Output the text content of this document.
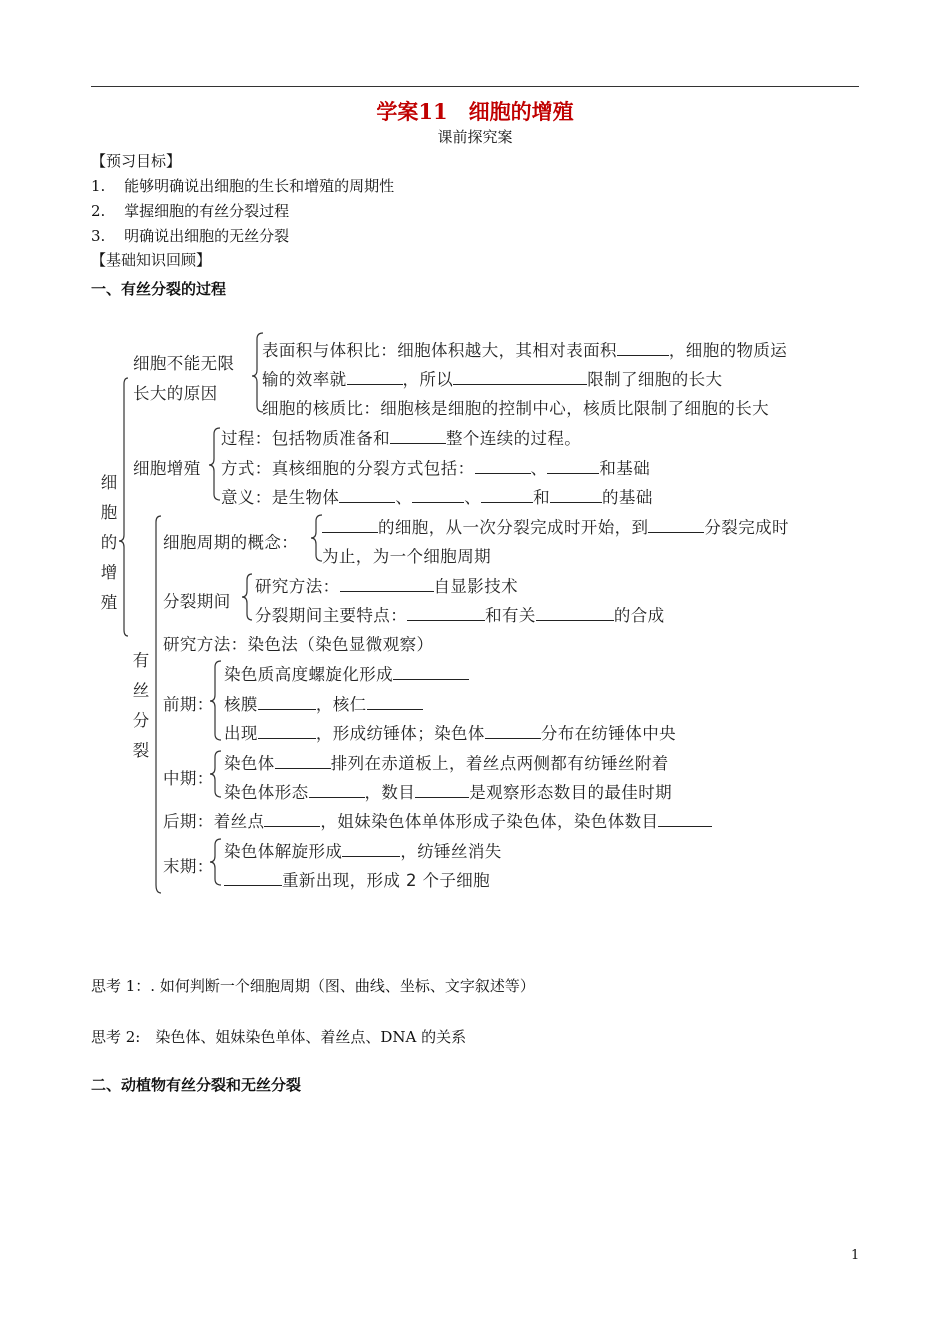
学案11　细胞的增殖
课前探究案
【预习目标】
1. 能够明确说出细胞的生长和增殖的周期性
2. 掌握细胞的有丝分裂过程
3. 明确说出细胞的无丝分裂
【基础知识回顾】
一、有丝分裂的过程
细
胞
的
增
殖
有
丝
分
裂
细胞不能无限
长大的原因
表面积与体积比：细胞体积越大，其相对表面积	，细胞的物质运
输的效率就	，所以	限制了细胞的长大
细胞的核质比：细胞核是细胞的控制中心，核质比限制了细胞的长大
细胞增殖
过程：包括物质准备和	整个连续的过程。
方式：真核细胞的分裂方式包括：	、	和基础
意义：是生物体	、	、	和	的基础
细胞周期的概念：
的细胞，从一次分裂完成时开始，到	分裂完成时
为止，为一个细胞周期
分裂期间
研究方法：	自显影技术
分裂期间主要特点：	和有关	的合成
研究方法：染色法（染色显微观察）
前期：
染色质高度螺旋化形成
核膜	，核仁
出现	，形成纺锤体；染色体	分布在纺锤体中央
中期：
染色体	排列在赤道板上，着丝点两侧都有纺锤丝附着
染色体形态	，数目	是观察形态数目的最佳时期
后期：着丝点	，姐妹染色体单体形成子染色体，染色体数目
末期：
染色体解旋形成	，纺锤丝消失
重新出现，形成 2 个子细胞
思考 1：. 如何判断一个细胞周期（图、曲线、坐标、文字叙述等）
思考 2:　染色体、姐妹染色单体、着丝点、DNA 的关系
二、动植物有丝分裂和无丝分裂
1
